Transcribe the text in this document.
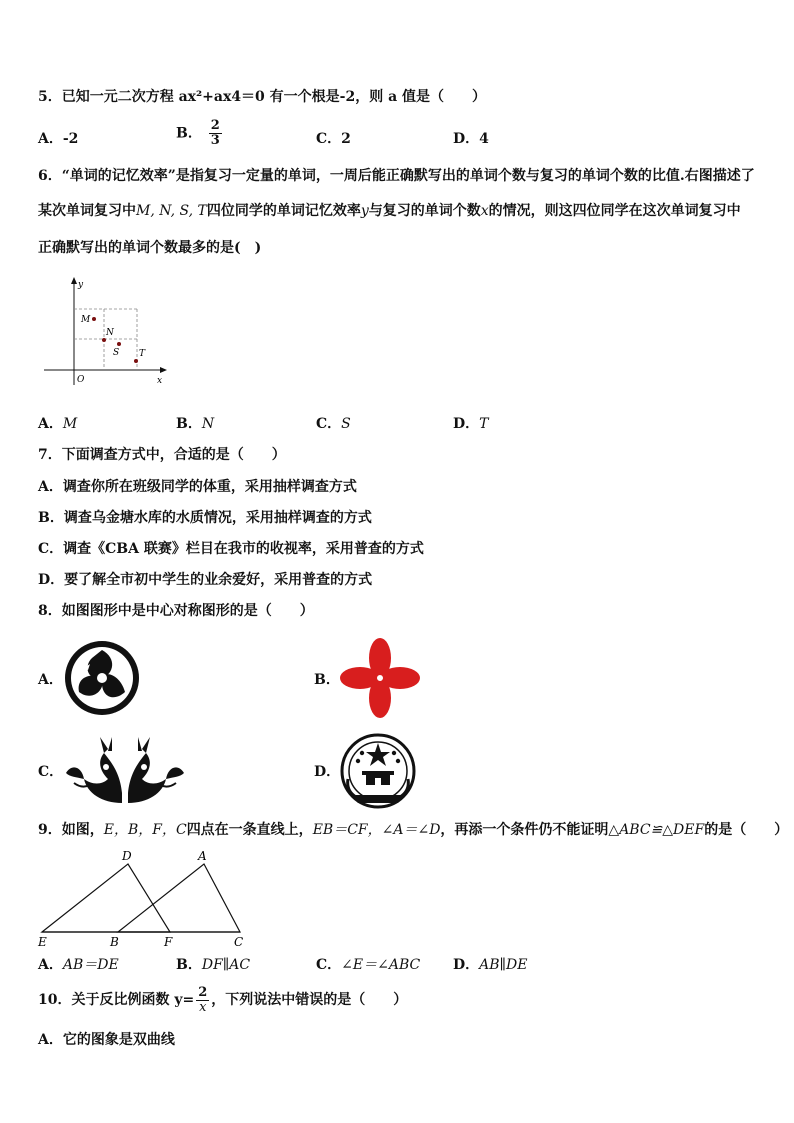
5．已知一元二次方程 ax²+ax4＝0 有一个根是-2，则 a 值是（　　）
A．-2	B． $\frac{2}{3}$	C．2	D．4
6．“单词的记忆效率”是指复习一定量的单词，一周后能正确默写出的单词个数与复习的单词个数的比值.右图描述了
某次单词复习中M, N, S, T四位同学的单词记忆效率y与复习的单词个数x的情况，则这四位同学在这次单词复习中
正确默写出的单词个数最多的是(　)
y
x
O
M
N
S T
A．M	B．N	C．S	D．T
7．下面调查方式中，合适的是（　　）
A．调查你所在班级同学的体重，采用抽样调查方式
B．调查乌金塘水库的水质情况，采用抽样调查的方式
C．调查《CBA 联赛》栏目在我市的收视率，采用普查的方式
D．要了解全市初中学生的业余爱好，采用普查的方式
8．如图图形中是中心对称图形的是（　　）
A．	B．
C．	D．
9．如图，E，B，F，C四点在一条直线上，EB＝CF，∠A＝∠D，再添一个条件仍不能证明△ABC≌△DEF的是（　　）
D	A
E	B	F	C
A．AB＝DE	B．DF∥AC	C．∠E＝∠ABC D．AB∥DE
10．关于反比例函数 $y= \frac{2}{x}$ ，下列说法中错误的是（　　）
A．它的图象是双曲线
